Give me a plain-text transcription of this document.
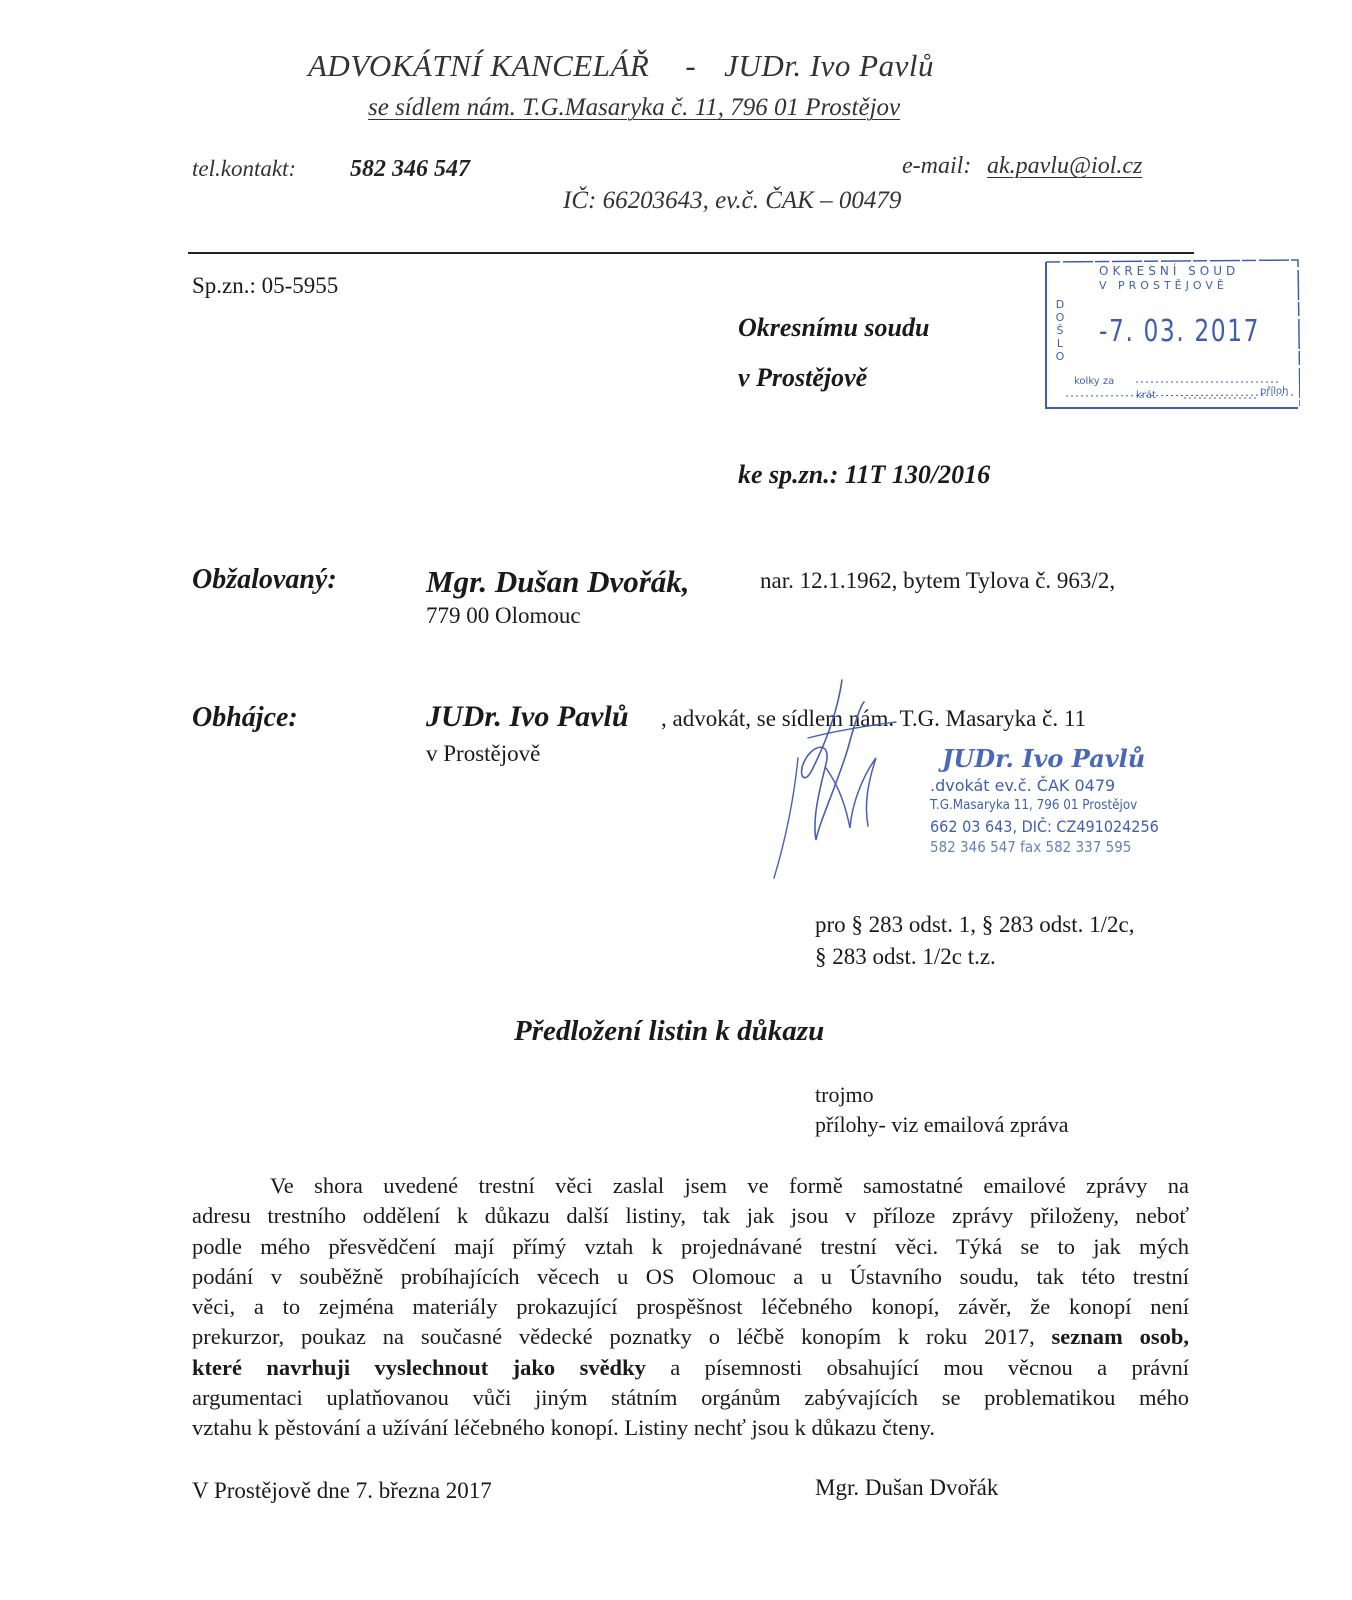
ADVOKÁTNÍ KANCELÁŘ - JUDr. Ivo Pavlů
se sídlem nám. T.G.Masaryka č. 11, 796 01 Prostějov
tel.kontakt: 582 346 547	e-mail: ak.pavlu@iol.cz
IČ: 66203643, ev.č. ČAK – 00479
Sp.zn.: 05-5955
Okresnímu soudu
v Prostějově
ke sp.zn.: 11T 130/2016
OKRESNÍ SOUD
V PROSTĚJOVĚ
D
O
Š
L
O
-7. 03. 2017
kolky za
krát	příloh
Obžalovaný:	Mgr. Dušan Dvořák,	nar. 12.1.1962, bytem Tylova č. 963/2,
779 00 Olomouc
Obhájce:	JUDr. Ivo Pavlů , advokát, se sídlem nám. T.G. Masaryka č. 11
v Prostějově	JUDr. Ivo Pavlů
.dvokát ev.č. ČAK 0479
T.G.Masaryka 11, 796 01 Prostějov
662 03 643, DIČ: CZ491024256
582 346 547 fax 582 337 595
pro § 283 odst. 1, § 283 odst. 1/2c,
§ 283 odst. 1/2c t.z.
Předložení listin k důkazu
trojmo
přílohy- viz emailová zpráva
Ve shora uvedené trestní věci zaslal jsem ve formě samostatné emailové zprávy na
adresu trestního oddělení k důkazu další listiny, tak jak jsou v příloze zprávy přiloženy, neboť
podle mého přesvědčení mají přímý vztah k projednávané trestní věci. Týká se to jak mých
podání v souběžně probíhajících věcech u OS Olomouc a u Ústavního soudu, tak této trestní
věci, a to zejména materiály prokazující prospěšnost léčebného konopí, závěr, že konopí není
prekurzor, poukaz na současné vědecké poznatky o léčbě konopím k roku 2017, seznam osob,
které navrhuji vyslechnout jako svědky a písemnosti obsahující mou věcnou a právní
argumentaci uplatňovanou vůči jiným státním orgánům zabývajících se problematikou mého
vztahu k pěstování a užívání léčebného konopí. Listiny nechť jsou k důkazu čteny.
V Prostějově dne 7. března 2017	Mgr. Dušan Dvořák
